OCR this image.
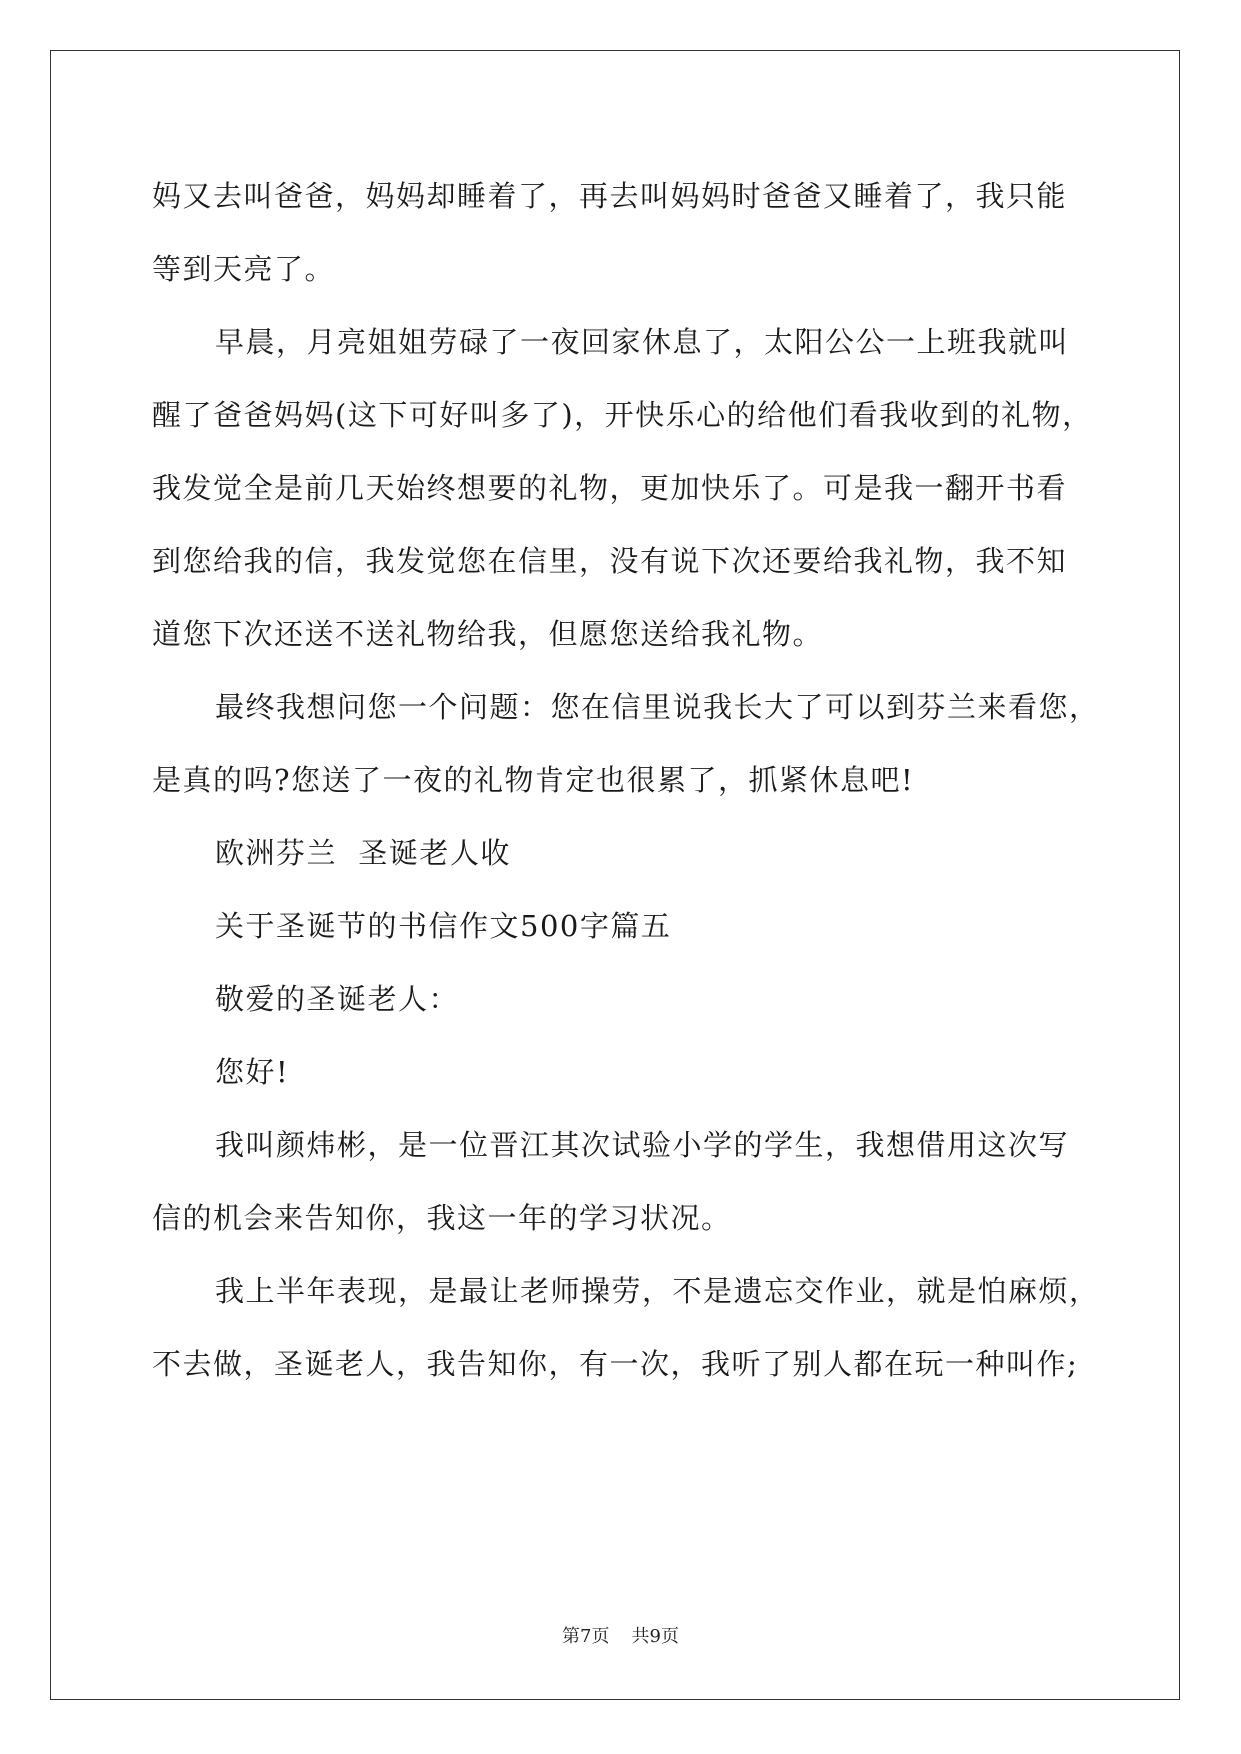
妈又去叫爸爸，妈妈却睡着了，再去叫妈妈时爸爸又睡着了，我只能
等到天亮了。
早晨，月亮姐姐劳碌了一夜回家休息了，太阳公公一上班我就叫
醒了爸爸妈妈(这下可好叫多了)，开快乐心的给他们看我收到的礼物，
我发觉全是前几天始终想要的礼物，更加快乐了。可是我一翻开书看
到您给我的信，我发觉您在信里，没有说下次还要给我礼物，我不知
道您下次还送不送礼物给我，但愿您送给我礼物。
最终我想问您一个问题：您在信里说我长大了可以到芬兰来看您，
是真的吗?您送了一夜的礼物肯定也很累了，抓紧休息吧!
欧洲芬兰  圣诞老人收
关于圣诞节的书信作文500字篇五
敬爱的圣诞老人：
您好!
我叫颜炜彬，是一位晋江其次试验小学的学生，我想借用这次写
信的机会来告知你，我这一年的学习状况。
我上半年表现，是最让老师操劳，不是遗忘交作业，就是怕麻烦，
不去做，圣诞老人，我告知你，有一次，我听了别人都在玩一种叫作;
第7页 共9页
